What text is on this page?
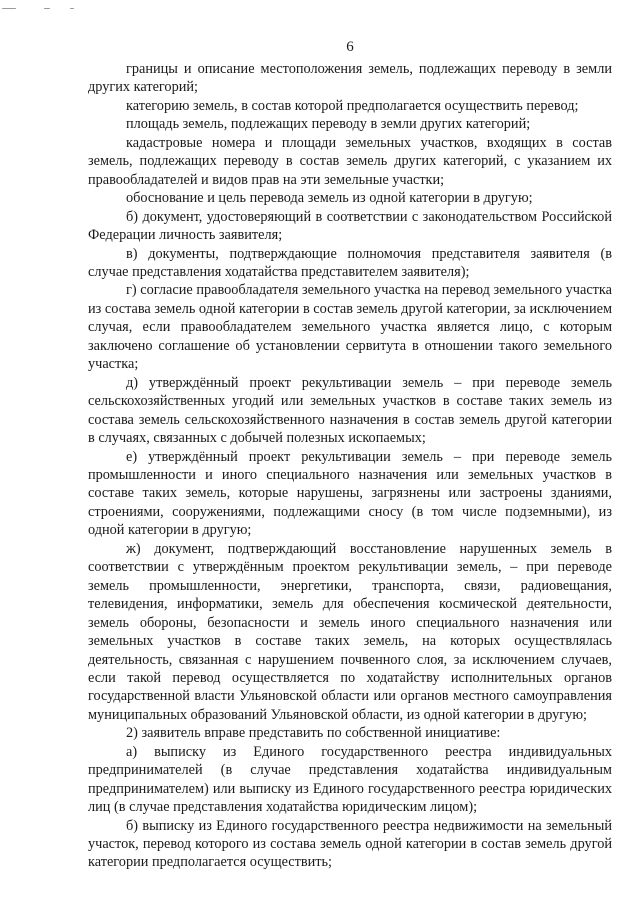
6

границы и описание местоположения земель, подлежащих переводу в земли других категорий;

категорию земель, в состав которой предполагается осуществить перевод;

площадь земель, подлежащих переводу в земли других категорий;

кадастровые номера и площади земельных участков, входящих в состав земель, подлежащих переводу в состав земель других категорий, с указанием их правообладателей и видов прав на эти земельные участки;

обоснование и цель перевода земель из одной категории в другую;

б) документ, удостоверяющий в соответствии с законодательством Российской Федерации личность заявителя;

в) документы, подтверждающие полномочия представителя заявителя (в случае представления ходатайства представителем заявителя);

г) согласие правообладателя земельного участка на перевод земельного участка из состава земель одной категории в состав земель другой категории, за исключением случая, если правообладателем земельного участка является лицо, с которым заключено соглашение об установлении сервитута в отношении такого земельного участка;

д) утверждённый проект рекультивации земель – при переводе земель сельскохозяйственных угодий или земельных участков в составе таких земель из состава земель сельскохозяйственного назначения в состав земель другой категории в случаях, связанных с добычей полезных ископаемых;

е) утверждённый проект рекультивации земель – при переводе земель промышленности и иного специального назначения или земельных участков в составе таких земель, которые нарушены, загрязнены или застроены зданиями, строениями, сооружениями, подлежащими сносу (в том числе подземными), из одной категории в другую;

ж) документ, подтверждающий восстановление нарушенных земель в соответствии с утверждённым проектом рекультивации земель, – при переводе земель промышленности, энергетики, транспорта, связи, радиовещания, телевидения, информатики, земель для обеспечения космической деятельности, земель обороны, безопасности и земель иного специального назначения или земельных участков в составе таких земель, на которых осуществлялась деятельность, связанная с нарушением почвенного слоя, за исключением случаев, если такой перевод осуществляется по ходатайству исполнительных органов государственной власти Ульяновской области или органов местного самоуправления муниципальных образований Ульяновской области, из одной категории в другую;

2) заявитель вправе представить по собственной инициативе:

а) выписку из Единого государственного реестра индивидуальных предпринимателей (в случае представления ходатайства индивидуальным предпринимателем) или выписку из Единого государственного реестра юридических лиц (в случае представления ходатайства юридическим лицом);

б) выписку из Единого государственного реестра недвижимости на земельный участок, перевод которого из состава земель одной категории в состав земель другой категории предполагается осуществить;
